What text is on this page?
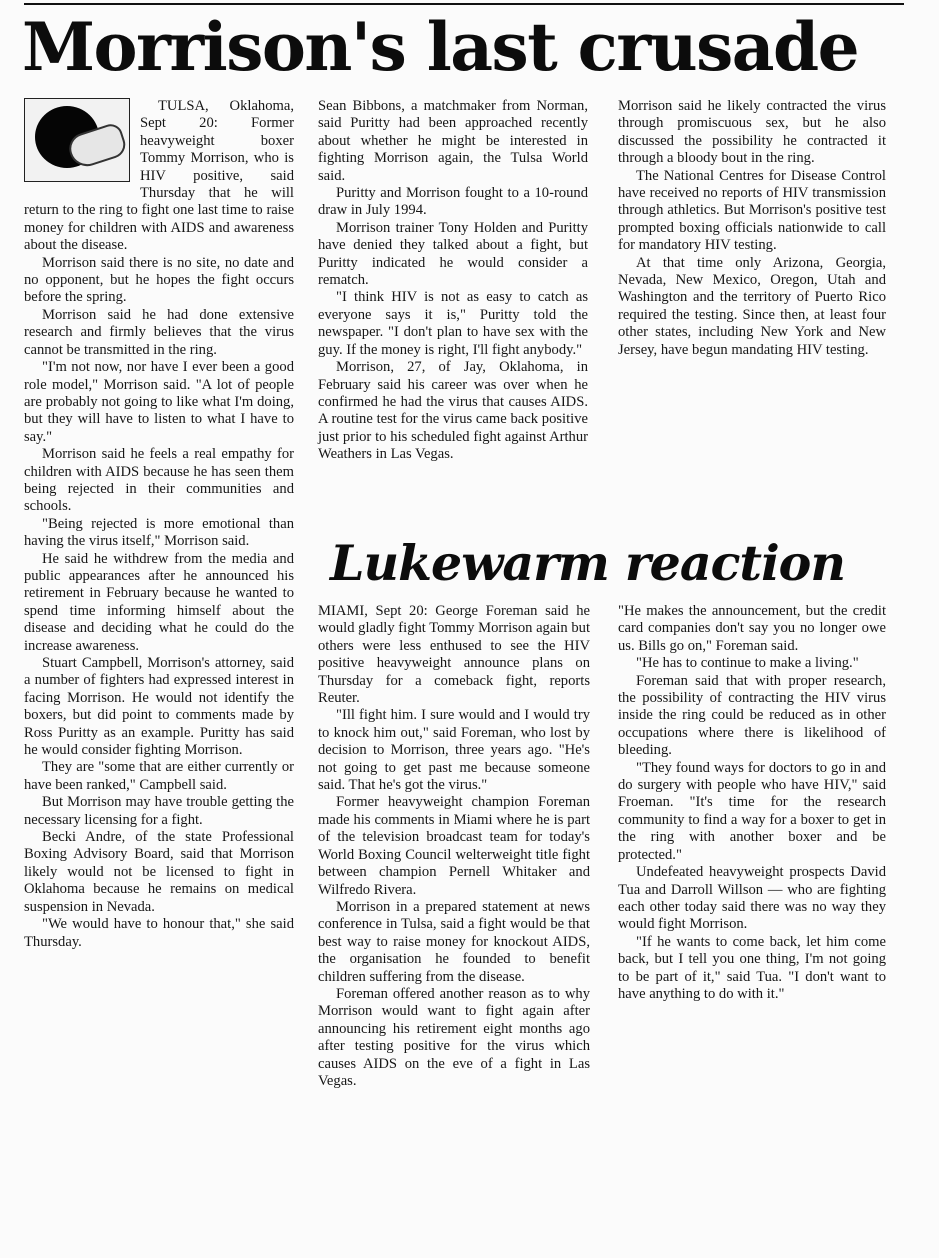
Morrison's last crusade

TULSA, Oklahoma, Sept 20: Former heavyweight boxer Tommy Morrison, who is HIV positive, said Thursday that he will return to the ring to fight one last time to raise money for children with AIDS and awareness about the disease.

Morrison said there is no site, no date and no opponent, but he hopes the fight occurs before the spring.

Morrison said he had done extensive research and firmly believes that the virus cannot be transmitted in the ring.

"I'm not now, nor have I ever been a good role model," Morrison said. "A lot of people are probably not going to like what I'm doing, but they will have to listen to what I have to say."

Morrison said he feels a real empathy for children with AIDS because he has seen them being rejected in their communities and schools.

"Being rejected is more emotional than having the virus itself," Morrison said.

He said he withdrew from the media and public appearances after he announced his retirement in February because he wanted to spend time informing himself about the disease and deciding what he could do the increase awareness.

Stuart Campbell, Morrison's attorney, said a number of fighters had expressed interest in facing Morrison. He would not identify the boxers, but did point to comments made by Ross Puritty as an example. Puritty has said he would consider fighting Morrison.

They are "some that are either currently or have been ranked," Campbell said.

But Morrison may have trouble getting the necessary licensing for a fight.

Becki Andre, of the state Professional Boxing Advisory Board, said that Morrison likely would not be licensed to fight in Oklahoma because he remains on medical suspension in Nevada.

"We would have to honour that," she said Thursday.

Sean Bibbons, a matchmaker from Norman, said Puritty had been approached recently about whether he might be interested in fighting Morrison again, the Tulsa World said.

Puritty and Morrison fought to a 10-round draw in July 1994.

Morrison trainer Tony Holden and Puritty have denied they talked about a fight, but Puritty indicated he would consider a rematch.

"I think HIV is not as easy to catch as everyone says it is," Puritty told the newspaper. "I don't plan to have sex with the guy. If the money is right, I'll fight anybody."

Morrison, 27, of Jay, Oklahoma, in February said his career was over when he confirmed he had the virus that causes AIDS. A routine test for the virus came back positive just prior to his scheduled fight against Arthur Weathers in Las Vegas.

Morrison said he likely contracted the virus through promiscuous sex, but he also discussed the possibility he contracted it through a bloody bout in the ring.

The National Centres for Disease Control have received no reports of HIV transmission through athletics. But Morrison's positive test prompted boxing officials nationwide to call for mandatory HIV testing.

At that time only Arizona, Georgia, Nevada, New Mexico, Oregon, Utah and Washington and the territory of Puerto Rico required the testing. Since then, at least four other states, including New York and New Jersey, have begun mandating HIV testing.

Lukewarm reaction

MIAMI, Sept 20: George Foreman said he would gladly fight Tommy Morrison again but others were less enthused to see the HIV positive heavyweight announce plans on Thursday for a comeback fight, reports Reuter.

"Ill fight him. I sure would and I would try to knock him out," said Foreman, who lost by decision to Morrison, three years ago. "He's not going to get past me because someone said. That he's got the virus."

Former heavyweight champion Foreman made his comments in Miami where he is part of the television broadcast team for today's World Boxing Council welterweight title fight between champion Pernell Whitaker and Wilfredo Rivera.

Morrison in a prepared statement at news conference in Tulsa, said a fight would be that best way to raise money for knockout AIDS, the organisation he founded to benefit children suffering from the disease.

Foreman offered another reason as to why Morrison would want to fight again after announcing his retirement eight months ago after testing positive for the virus which causes AIDS on the eve of a fight in Las Vegas.

"He makes the announcement, but the credit card companies don't say you no longer owe us. Bills go on," Foreman said.

"He has to continue to make a living."

Foreman said that with proper research, the possibility of contracting the HIV virus inside the ring could be reduced as in other occupations where there is likelihood of bleeding.

"They found ways for doctors to go in and do surgery with people who have HIV," said Froeman. "It's time for the research community to find a way for a boxer to get in the ring with another boxer and be protected."

Undefeated heavyweight prospects David Tua and Darroll Willson — who are fighting each other today said there was no way they would fight Morrison.

"If he wants to come back, let him come back, but I tell you one thing, I'm not going to be part of it," said Tua. "I don't want to have anything to do with it."
